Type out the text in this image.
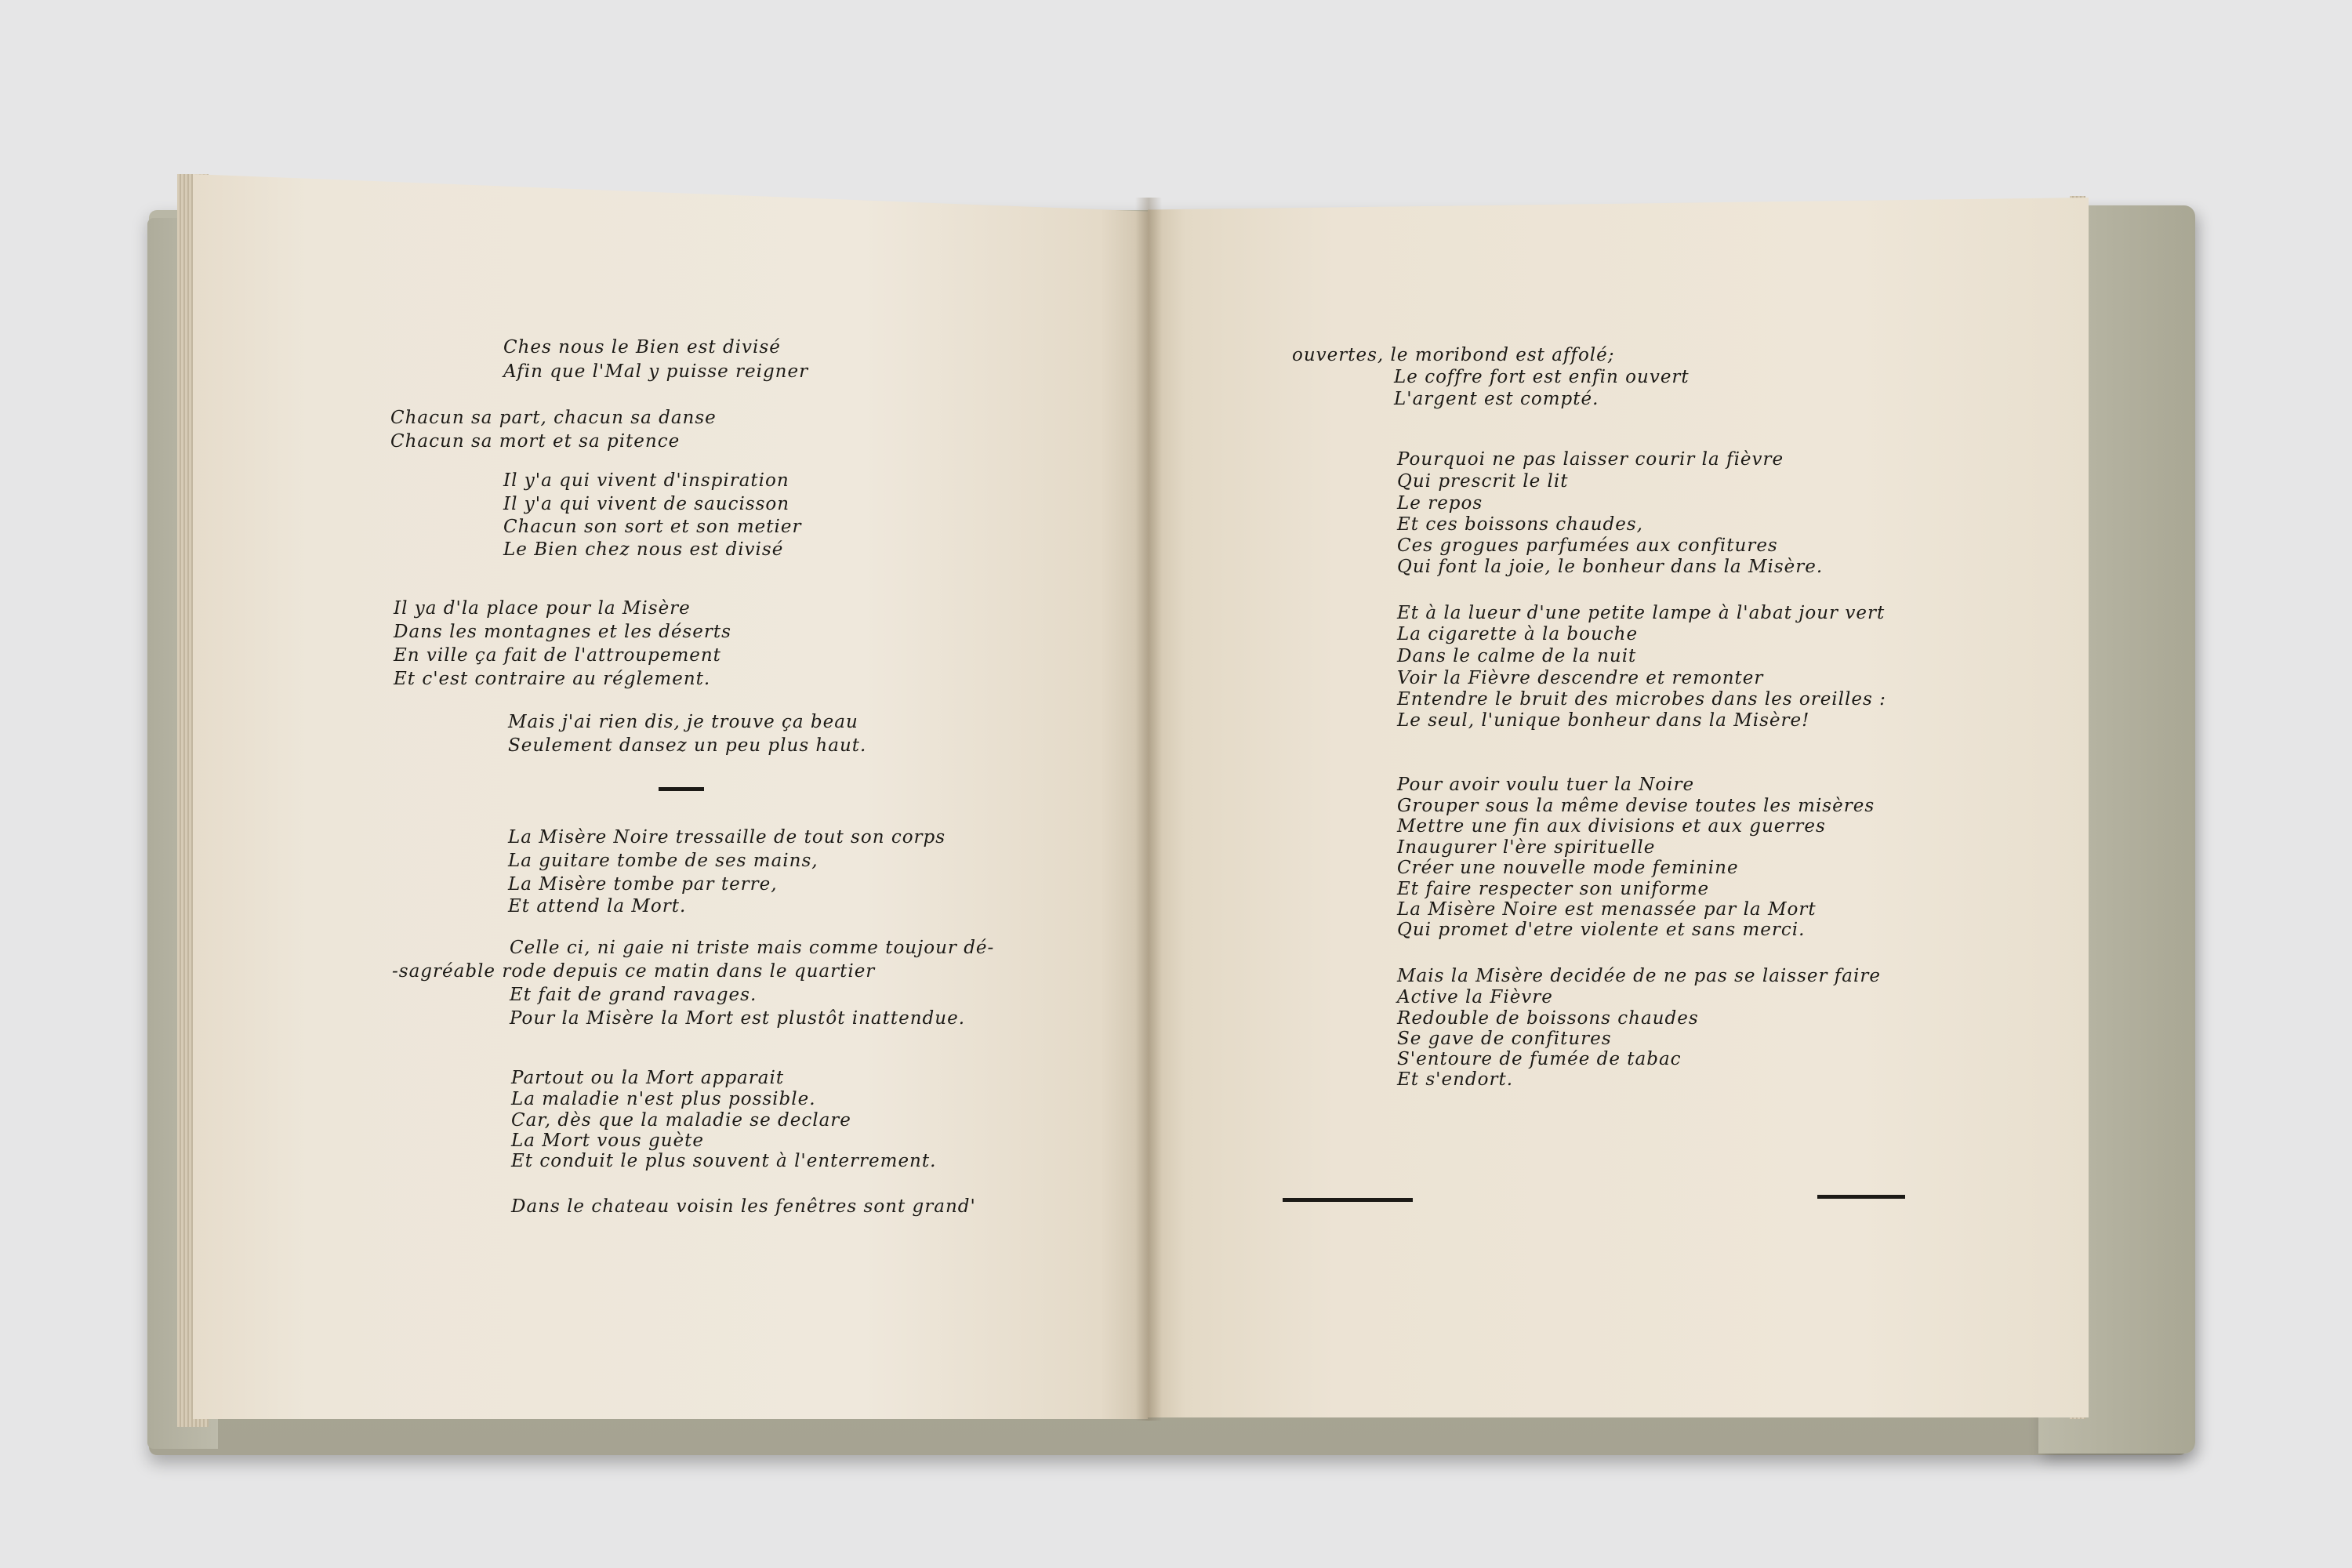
Ches nous le Bien est divisé
Afin que l'Mal y puisse reigner
Chacun sa part, chacun sa danse
Chacun sa mort et sa pitence
Il y'a qui vivent d'inspiration
Il y'a qui vivent de saucisson
Chacun son sort et son metier
Le Bien chez nous est divisé
Il ya d'la place pour la Misère
Dans les montagnes et les déserts
En ville ça fait de l'attroupement
Et c'est contraire au réglement.
Mais j'ai rien dis, je trouve ça beau
Seulement dansez un peu plus haut.
La Misère Noire tressaille de tout son corps
La guitare tombe de ses mains,
La Misère tombe par terre,
Et attend la Mort.
Celle ci, ni gaie ni triste mais comme toujour dé-
-sagréable rode depuis ce matin dans le quartier
Et fait de grand ravages.
Pour la Misère la Mort est plustôt inattendue.
Partout ou la Mort apparait
La maladie n'est plus possible.
Car, dès que la maladie se declare
La Mort vous guète
Et conduit le plus souvent à l'enterrement.
Dans le chateau voisin les fenêtres sont grand'
ouvertes, le moribond est affolé;
Le coffre fort est enfin ouvert
L'argent est compté.
Pourquoi ne pas laisser courir la fièvre
Qui prescrit le lit
Le repos
Et ces boissons chaudes,
Ces grogues parfumées aux confitures
Qui font la joie, le bonheur dans la Misère.
Et à la lueur d'une petite lampe à l'abat jour vert
La cigarette à la bouche
Dans le calme de la nuit
Voir la Fièvre descendre et remonter
Entendre le bruit des microbes dans les oreilles :
Le seul, l'unique bonheur dans la Misère!
Pour avoir voulu tuer la Noire
Grouper sous la même devise toutes les misères
Mettre une fin aux divisions et aux guerres
Inaugurer l'ère spirituelle
Créer une nouvelle mode feminine
Et faire respecter son uniforme
La Misère Noire est menassée par la Mort
Qui promet d'etre violente et sans merci.
Mais la Misère decidée de ne pas se laisser faire
Active la Fièvre
Redouble de boissons chaudes
Se gave de confitures
S'entoure de fumée de tabac
Et s'endort.
